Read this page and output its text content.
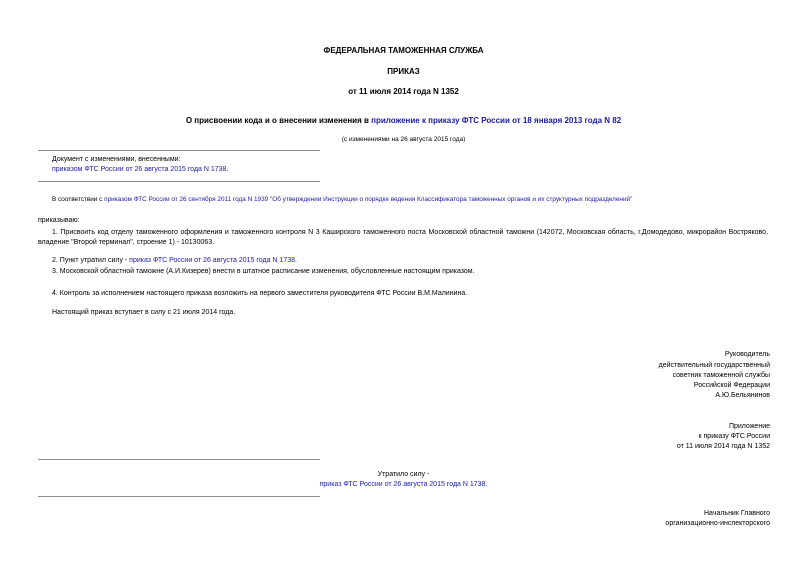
ФЕДЕРАЛЬНАЯ ТАМОЖЕННАЯ СЛУЖБА
ПРИКАЗ
от 11 июля 2014 года N 1352
О присвоении кода и о внесении изменения в приложение к приказу ФТС России от 18 января 2013 года N 82
(с изменениями на 26 августа 2015 года)
Документ с изменениями, внесенными:
приказом ФТС России от 26 августа 2015 года N 1738.
В соответствии с приказом ФТС России от 26 сентября 2011 года N 1939 "Об утверждении Инструкции о порядке ведения Классификатора таможенных органов и их структурных подразделений"
приказываю:
1. Присвоить код отделу таможенного оформления и таможенного контроля N 3 Каширского таможенного поста Московской областной таможни (142072, Московская область, г.Домодедово, микрорайон Востряково, владение "Второй терминал", строение 1) - 10130063.
2. Пункт утратил силу - приказ ФТС России от 26 августа 2015 года N 1738.
3. Московской областной таможне (А.И.Кизерев) внести в штатное расписание изменения, обусловленные настоящим приказом.
4. Контроль за исполнением настоящего приказа возложить на первого заместителя руководителя ФТС России В.М.Малинина.
Настоящий приказ вступает в силу с 21 июля 2014 года.
Руководитель
действительный государственный
советник таможенной службы
Российской Федерации
А.Ю.Бельянинов
Приложение
к приказу ФТС России
от 11 июля 2014 года N 1352
Утратило силу -
приказ ФТС России от 26 августа 2015 года N 1738.
Начальник Главного
организационно-инспекторского
